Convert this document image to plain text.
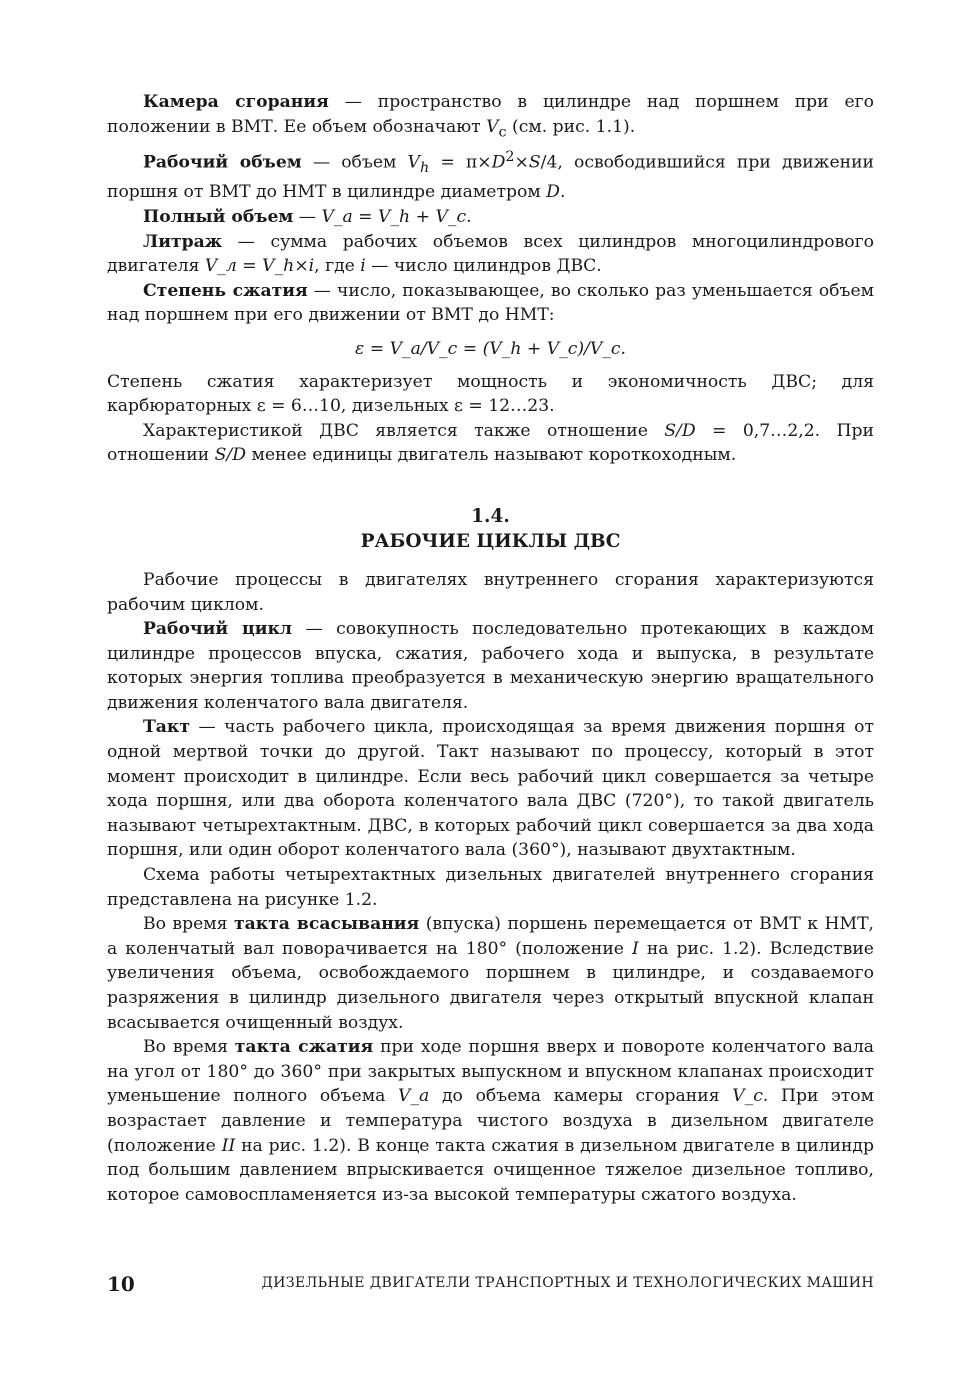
Камера сгорания — пространство в цилиндре над поршнем при его положении в ВМТ. Ее объем обозначают $V_с$ (см. рис. 1.1).

Рабочий объем — объем $V_h = \pi\times D^2\times S/4$, освободившийся при движении поршня от ВМТ до НМТ в цилиндре диаметром D.

Полный объем — V_a = V_h + V_c.

Литраж — сумма рабочих объемов всех цилиндров многоцилиндрового двигателя V_л = V_h×i, где i — число цилиндров ДВС.

Степень сжатия — число, показывающее, во сколько раз уменьшается объем над поршнем при его движении от ВМТ до НМТ:

ε = V_a/V_c = (V_h + V_c)/V_c.

Степень сжатия характеризует мощность и экономичность ДВС; для карбюраторных ε = 6…10, дизельных ε = 12…23.

Характеристикой ДВС является также отношение S/D = 0,7…2,2. При отношении S/D менее единицы двигатель называют короткоходным.

1.4.
РАБОЧИЕ ЦИКЛЫ ДВС

Рабочие процессы в двигателях внутреннего сгорания характеризуются рабочим циклом.

Рабочий цикл — совокупность последовательно протекающих в каждом цилиндре процессов впуска, сжатия, рабочего хода и выпуска, в результате которых энергия топлива преобразуется в механическую энергию вращательного движения коленчатого вала двигателя.

Такт — часть рабочего цикла, происходящая за время движения поршня от одной мертвой точки до другой. Такт называют по процессу, который в этот момент происходит в цилиндре. Если весь рабочий цикл совершается за четыре хода поршня, или два оборота коленчатого вала ДВС (720°), то такой двигатель называют четырехтактным. ДВС, в которых рабочий цикл совершается за два хода поршня, или один оборот коленчатого вала (360°), называют двухтактным.

Схема работы четырехтактных дизельных двигателей внутреннего сгорания представлена на рисунке 1.2.

Во время такта всасывания (впуска) поршень перемещается от ВМТ к НМТ, а коленчатый вал поворачивается на 180° (положение I на рис. 1.2). Вследствие увеличения объема, освобождаемого поршнем в цилиндре, и создаваемого разряжения в цилиндр дизельного двигателя через открытый впускной клапан всасывается очищенный воздух.

Во время такта сжатия при ходе поршня вверх и повороте коленчатого вала на угол от 180° до 360° при закрытых выпускном и впускном клапанах происходит уменьшение полного объема V_a до объема камеры сгорания V_c. При этом возрастает давление и температура чистого воздуха в дизельном двигателе (положение II на рис. 1.2). В конце такта сжатия в дизельном двигателе в цилиндр под большим давлением впрыскивается очищенное тяжелое дизельное топливо, которое самовоспламеняется из-за высокой температуры сжатого воздуха.

10	ДИЗЕЛЬНЫЕ ДВИГАТЕЛИ ТРАНСПОРТНЫХ И ТЕХНОЛОГИЧЕСКИХ МАШИН
